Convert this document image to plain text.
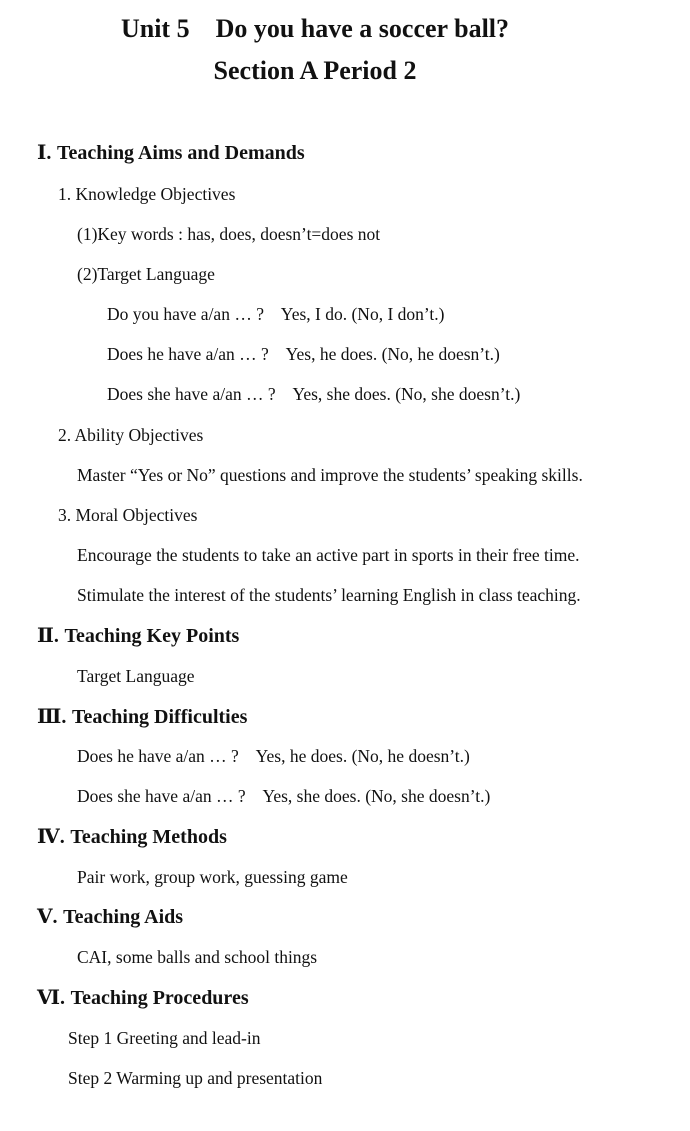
Unit 5    Do you have a soccer ball?
Section A Period 2
Ⅰ. Teaching Aims and Demands
1. Knowledge Objectives
(1)Key words : has, does, doesn’t=does not
(2)Target Language
Do you have a/an … ?    Yes, I do. (No, I don’t.)
Does he have a/an … ?    Yes, he does. (No, he doesn’t.)
Does she have a/an … ?    Yes, she does. (No, she doesn’t.)
2. Ability Objectives
Master “Yes or No” questions and improve the students’ speaking skills.
3. Moral Objectives
Encourage the students to take an active part in sports in their free time.
Stimulate the interest of the students’ learning English in class teaching.
Ⅱ. Teaching Key Points
Target Language
Ⅲ. Teaching Difficulties
Does he have a/an … ?    Yes, he does. (No, he doesn’t.)
Does she have a/an … ?    Yes, she does. (No, she doesn’t.)
Ⅳ. Teaching Methods
Pair work, group work, guessing game
Ⅴ. Teaching Aids
CAI, some balls and school things
Ⅵ. Teaching Procedures
Step 1 Greeting and lead-in
Step 2 Warming up and presentation
